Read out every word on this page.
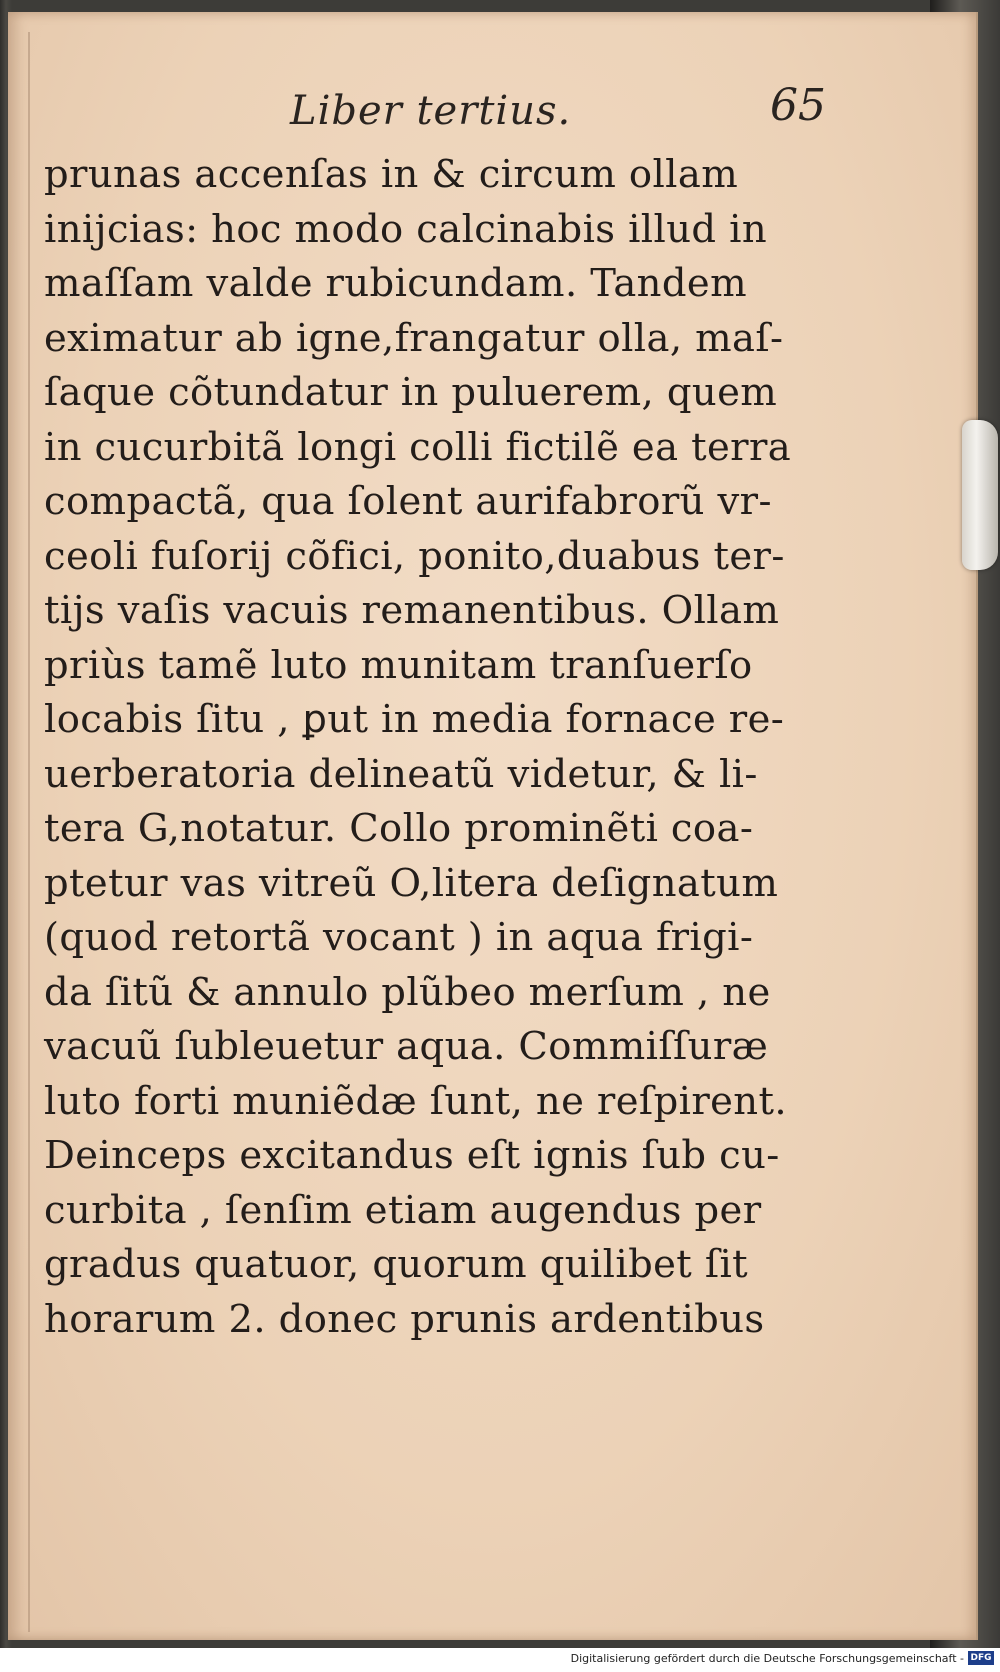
Liber tertius.	65
prunas accenſas in & circum ollam
inijcias: hoc modo calcinabis illud in
maſſam valde rubicundam. Tandem
eximatur ab igne,frangatur olla, maſ-
ſaque cõtundatur in puluerem, quem
in cucurbitã longi colli fictilẽ ea terra
compactã, qua ſolent aurifabrorũ vr-
ceoli fuſorij cõfici, ponito,duabus ter-
tijs vaſis vacuis remanentibus. Ollam
priùs tamẽ luto munitam tranſuerſo
locabis ſitu , ꝑut in media fornace re-
uerberatoria delineatũ videtur, & li-
tera G,notatur. Collo prominẽti coa-
ptetur vas vitreũ O,litera deſignatum
(quod retortã vocant ) in aqua frigi-
da ſitũ & annulo plũbeo merſum , ne
vacuũ ſubleuetur aqua. Commiſſuræ
luto forti muniẽdæ ſunt, ne reſpirent.
Deinceps excitandus eſt ignis ſub cu-
curbita , ſenſim etiam augendus per
gradus quatuor, quorum quilibet ſit
horarum 2. donec prunis ardentibus
Digitalisierung gefördert durch die Deutsche Forschungsgemeinschaft - DFG
